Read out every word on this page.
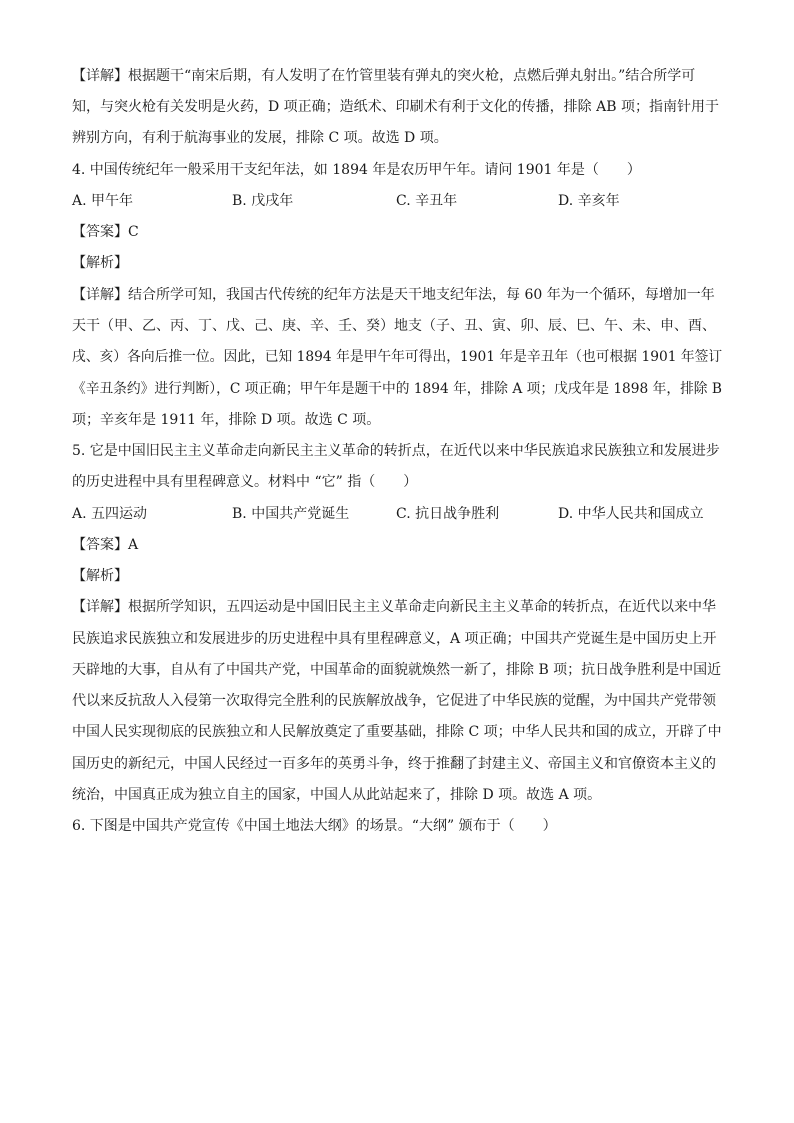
【详解】根据题干“南宋后期，有人发明了在竹管里装有弹丸的突火枪，点燃后弹丸射出。”结合所学可
知，与突火枪有关发明是火药，D 项正确；造纸术、印刷术有利于文化的传播，排除 AB 项；指南针用于
辨别方向，有利于航海事业的发展，排除 C 项。故选 D 项。
4. 中国传统纪年一般采用干支纪年法，如 1894 年是农历甲午年。请问 1901 年是（　　）
A. 甲午年	B. 戊戌年	C. 辛丑年	D. 辛亥年
【答案】C
【解析】
【详解】结合所学可知，我国古代传统的纪年方法是天干地支纪年法，每 60 年为一个循环，每增加一年
天干（甲、乙、丙、丁、戊、己、庚、辛、壬、癸）地支（子、丑、寅、卯、辰、巳、午、未、申、酉、
戌、亥）各向后推一位。因此，已知 1894 年是甲午年可得出，1901 年是辛丑年（也可根据 1901 年签订
《辛丑条约》进行判断），C 项正确；甲午年是题干中的 1894 年，排除 A 项；戊戌年是 1898 年，排除 B
项；辛亥年是 1911 年，排除 D 项。故选 C 项。
5. 它是中国旧民主主义革命走向新民主主义革命的转折点，在近代以来中华民族追求民族独立和发展进步
的历史进程中具有里程碑意义。材料中 “它” 指（　　）
A. 五四运动	B. 中国共产党诞生	C. 抗日战争胜利	D. 中华人民共和国成立
【答案】A
【解析】
【详解】根据所学知识，五四运动是中国旧民主主义革命走向新民主主义革命的转折点，在近代以来中华
民族追求民族独立和发展进步的历史进程中具有里程碑意义，A 项正确；中国共产党诞生是中国历史上开
天辟地的大事，自从有了中国共产党，中国革命的面貌就焕然一新了，排除 B 项；抗日战争胜利是中国近
代以来反抗敌人入侵第一次取得完全胜利的民族解放战争，它促进了中华民族的觉醒，为中国共产党带领
中国人民实现彻底的民族独立和人民解放奠定了重要基础，排除 C 项；中华人民共和国的成立，开辟了中
国历史的新纪元，中国人民经过一百多年的英勇斗争，终于推翻了封建主义、帝国主义和官僚资本主义的
统治，中国真正成为独立自主的国家，中国人从此站起来了，排除 D 项。故选 A 项。
6. 下图是中国共产党宣传《中国土地法大纲》的场景。“大纲” 颁布于（　　）
